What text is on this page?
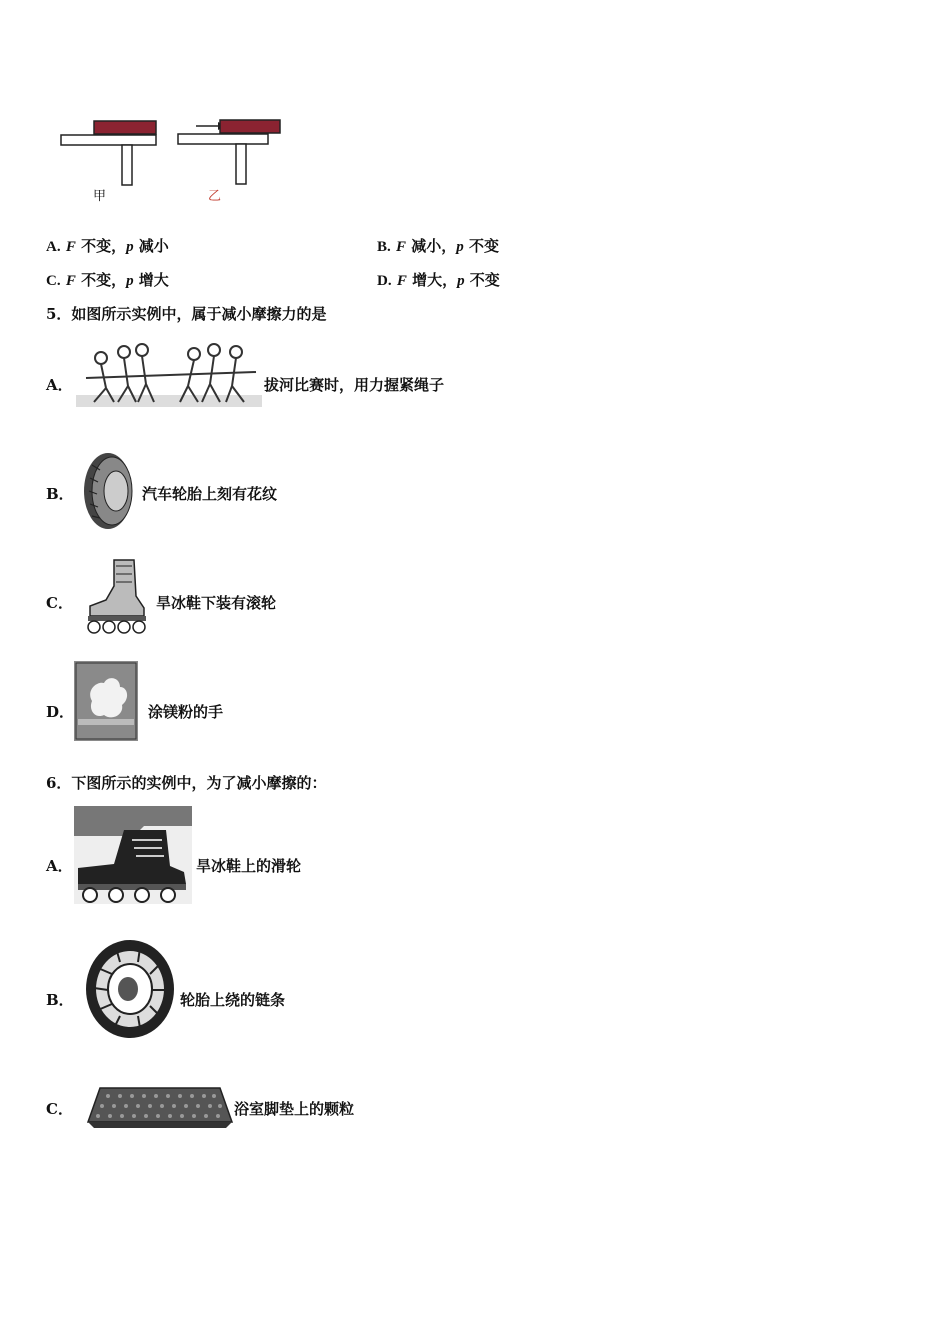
甲	乙
A. F 不变，p 减小	B. F 减小，p 不变
C. F 不变，p 增大	D. F 增大，p 不变
5．如图所示实例中，属于减小摩擦力的是
A．	拔河比赛时，用力握紧绳子
B．	汽车轮胎上刻有花纹
C．	旱冰鞋下装有滚轮
D．	涂镁粉的手
6．下图所示的实例中，为了减小摩擦的：
A．	旱冰鞋上的滑轮
B．	轮胎上绕的链条
C．	浴室脚垫上的颗粒
